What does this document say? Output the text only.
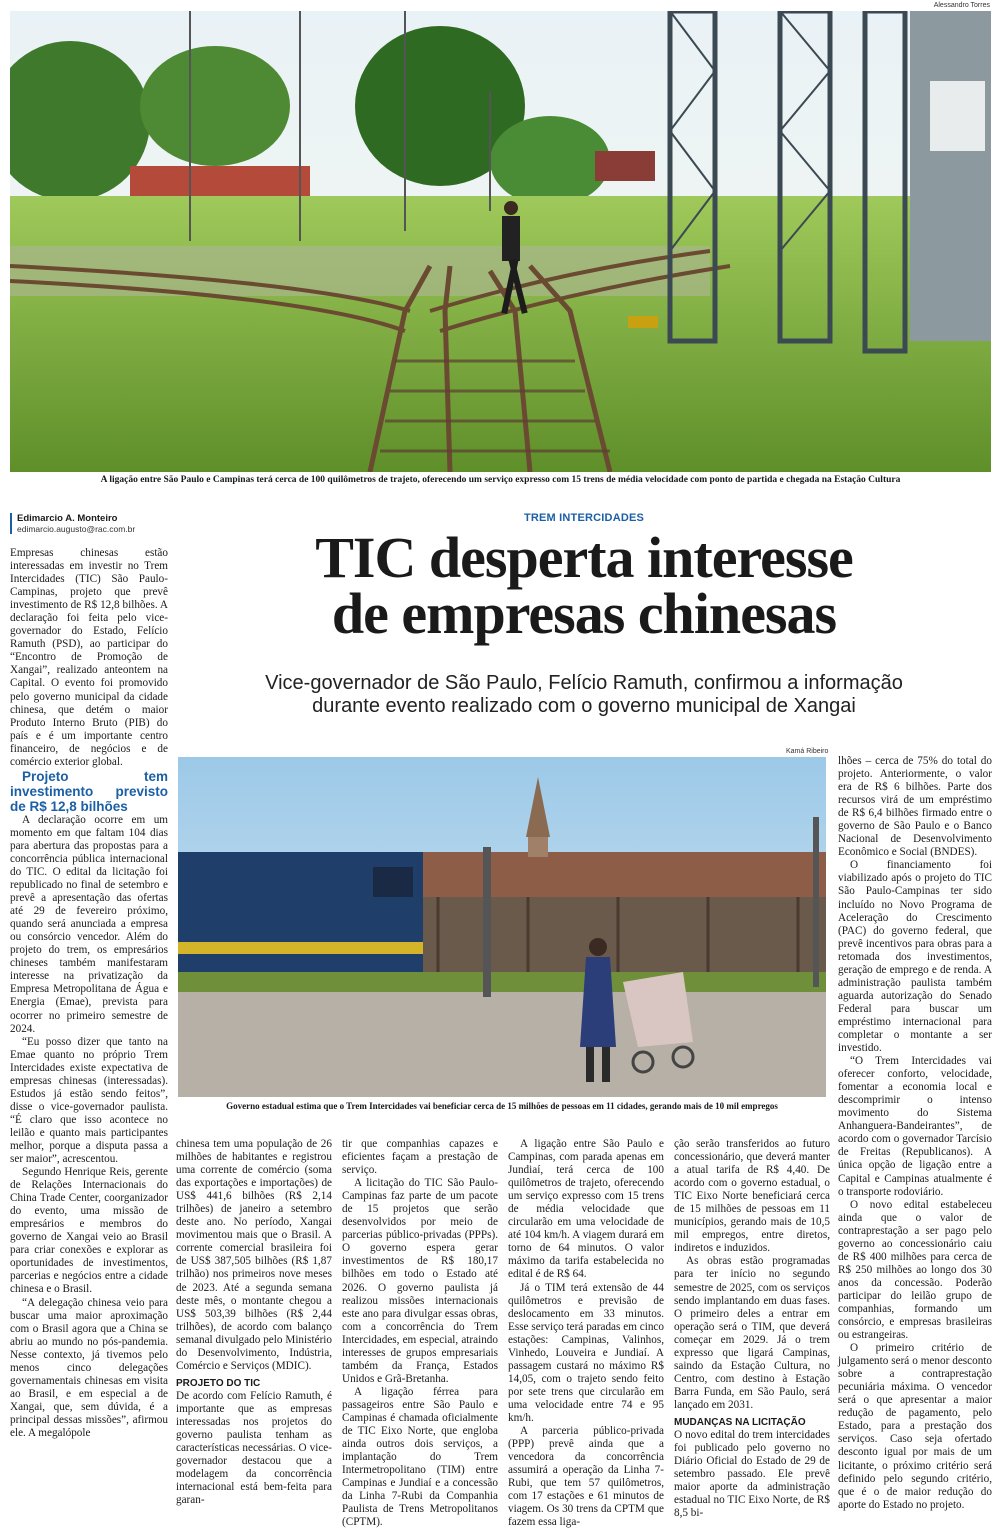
Alessandro Torres
A ligação entre São Paulo e Campinas terá cerca de 100 quilômetros de trajeto, oferecendo um serviço expresso com 15 trens de média velocidade com ponto de partida e chegada na Estação Cultura
Edimarcio A. Monteiro
edimarcio.augusto@rac.com.br
TREM INTERCIDADES
TIC desperta interesse
de empresas chinesas
Vice-governador de São Paulo, Felício Ramuth, confirmou a informação
durante evento realizado com o governo municipal de Xangai
Kamá Ribeiro
Governo estadual estima que o Trem Intercidades vai beneficiar cerca de 15 milhões de pessoas em 11 cidades, gerando mais de 10 mil empregos

Empresas chinesas estão interessadas em investir no Trem Intercidades (TIC) São Paulo-Campinas, projeto que prevê investimento de R$ 12,8 bilhões. A declaração foi feita pelo vice-governador do Estado, Felício Ramuth (PSD), ao participar do “Encontro de Promoção de Xangai”, realizado anteontem na Capital. O evento foi promovido pelo governo municipal da cidade chinesa, que detém o maior Produto Interno Bruto (PIB) do país e é um importante centro financeiro, de negócios e de comércio exterior global.

Projeto tem investimento previsto de R$ 12,8 bilhões

A declaração ocorre em um momento em que faltam 104 dias para abertura das propostas para a concorrência pública internacional do TIC. O edital da licitação foi republicado no final de setembro e prevê a apresentação das ofertas até 29 de fevereiro próximo, quando será anunciada a empresa ou consórcio vencedor. Além do projeto do trem, os empresários chineses também manifestaram interesse na privatização da Empresa Metropolitana de Água e Energia (Emae), prevista para ocorrer no primeiro semestre de 2024.

“Eu posso dizer que tanto na Emae quanto no próprio Trem Intercidades existe expectativa de empresas chinesas (interessadas). Estudos já estão sendo feitos”, disse o vice-governador paulista. “É claro que isso acontece no leilão e quanto mais participantes melhor, porque a disputa passa a ser maior”, acrescentou.

Segundo Henrique Reis, gerente de Relações Internacionais do China Trade Center, coorganizador do evento, uma missão de empresários e membros do governo de Xangai veio ao Brasil para criar conexões e explorar as oportunidades de investimentos, parcerias e negócios entre a cidade chinesa e o Brasil.

“A delegação chinesa veio para buscar uma maior aproximação com o Brasil agora que a China se abriu ao mundo no pós-pandemia. Nesse contexto, já tivemos pelo menos cinco delegações governamentais chinesas em visita ao Brasil, e em especial a de Xangai, que, sem dúvida, é a principal dessas missões”, afirmou ele. A megalópole

chinesa tem uma população de 26 milhões de habitantes e registrou uma corrente de comércio (soma das exportações e importações) de US$ 441,6 bilhões (R$ 2,14 trilhões) de janeiro a setembro deste ano. No período, Xangai movimentou mais que o Brasil. A corrente comercial brasileira foi de US$ 387,505 bilhões (R$ 1,87 trilhão) nos primeiros nove meses de 2023. Até a segunda semana deste mês, o montante chegou a US$ 503,39 bilhões (R$ 2,44 trilhões), de acordo com balanço semanal divulgado pelo Ministério do Desenvolvimento, Indústria, Comércio e Serviços (MDIC).

PROJETO DO TIC

De acordo com Felício Ramuth, é importante que as empresas interessadas nos projetos do governo paulista tenham as características necessárias. O vice-governador destacou que a modelagem da concorrência internacional está bem-feita para garan-

tir que companhias capazes e eficientes façam a prestação de serviço.

A licitação do TIC São Paulo-Campinas faz parte de um pacote de 15 projetos que serão desenvolvidos por meio de parcerias público-privadas (PPPs). O governo espera gerar investimentos de R$ 180,17 bilhões em todo o Estado até 2026. O governo paulista já realizou missões internacionais este ano para divulgar essas obras, com a concorrência do Trem Intercidades, em especial, atraindo interesses de grupos empresariais também da França, Estados Unidos e Grã-Bretanha.

A ligação férrea para passageiros entre São Paulo e Campinas é chamada oficialmente de TIC Eixo Norte, que engloba ainda outros dois serviços, a implantação do Trem Intermetropolitano (TIM) entre Campinas e Jundiaí e a concessão da Linha 7-Rubi da Companhia Paulista de Trens Metropolitanos (CPTM).

A ligação entre São Paulo e Campinas, com parada apenas em Jundiaí, terá cerca de 100 quilômetros de trajeto, oferecendo um serviço expresso com 15 trens de média velocidade que circularão em uma velocidade de até 104 km/h. A viagem durará em torno de 64 minutos. O valor máximo da tarifa estabelecida no edital é de R$ 64.

Já o TIM terá extensão de 44 quilômetros e previsão de deslocamento em 33 minutos. Esse serviço terá paradas em cinco estações: Campinas, Valinhos, Vinhedo, Louveira e Jundiaí. A passagem custará no máximo R$ 14,05, com o trajeto sendo feito por sete trens que circularão em uma velocidade entre 74 e 95 km/h.

A parceria público-privada (PPP) prevê ainda que a vencedora da concorrência assumirá a operação da Linha 7-Rubi, que tem 57 quilômetros, com 17 estações e 61 minutos de viagem. Os 30 trens da CPTM que fazem essa liga-

ção serão transferidos ao futuro concessionário, que deverá manter a atual tarifa de R$ 4,40. De acordo com o governo estadual, o TIC Eixo Norte beneficiará cerca de 15 milhões de pessoas em 11 municípios, gerando mais de 10,5 mil empregos, entre diretos, indiretos e induzidos.

As obras estão programadas para ter início no segundo semestre de 2025, com os serviços sendo implantando em duas fases. O primeiro deles a entrar em operação será o TIM, que deverá começar em 2029. Já o trem expresso que ligará Campinas, saindo da Estação Cultura, no Centro, com destino à Estação Barra Funda, em São Paulo, será lançado em 2031.

MUDANÇAS NA LICITAÇÃO

O novo edital do trem intercidades foi publicado pelo governo no Diário Oficial do Estado de 29 de setembro passado. Ele prevê maior aporte da administração estadual no TIC Eixo Norte, de R$ 8,5 bi-

lhões – cerca de 75% do total do projeto. Anteriormente, o valor era de R$ 6 bilhões. Parte dos recursos virá de um empréstimo de R$ 6,4 bilhões firmado entre o governo de São Paulo e o Banco Nacional de Desenvolvimento Econômico e Social (BNDES).

O financiamento foi viabilizado após o projeto do TIC São Paulo-Campinas ter sido incluído no Novo Programa de Aceleração do Crescimento (PAC) do governo federal, que prevê incentivos para obras para a retomada dos investimentos, geração de emprego e de renda. A administração paulista também aguarda autorização do Senado Federal para buscar um empréstimo internacional para completar o montante a ser investido.

“O Trem Intercidades vai oferecer conforto, velocidade, fomentar a economia local e descomprimir o intenso movimento do Sistema Anhanguera-Bandeirantes”, de acordo com o governador Tarcísio de Freitas (Republicanos). A única opção de ligação entre a Capital e Campinas atualmente é o transporte rodoviário.

O novo edital estabeleceu ainda que o valor de contraprestação a ser pago pelo governo ao concessionário caiu de R$ 400 milhões para cerca de R$ 250 milhões ao longo dos 30 anos da concessão. Poderão participar do leilão grupo de companhias, formando um consórcio, e empresas brasileiras ou estrangeiras.

O primeiro critério de julgamento será o menor desconto sobre a contraprestação pecuniária máxima. O vencedor será o que apresentar a maior redução de pagamento, pelo Estado, para a prestação dos serviços. Caso seja ofertado desconto igual por mais de um licitante, o próximo critério será definido pelo segundo critério, que é o de maior redução do aporte do Estado no projeto.
